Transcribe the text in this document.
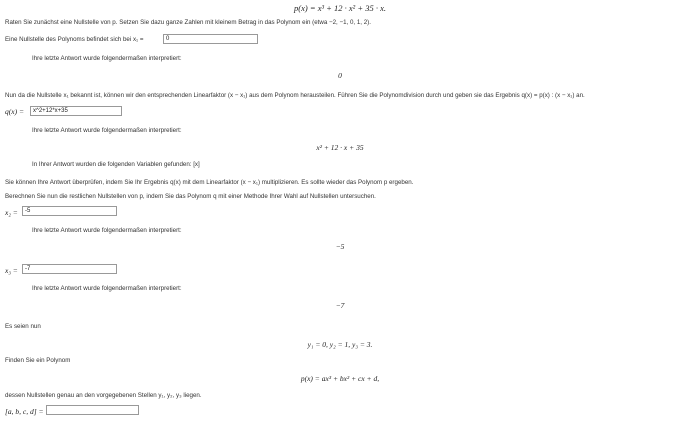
p(x) = x³ + 12 · x² + 35 · x.
Raten Sie zunächst eine Nullstelle von p. Setzen Sie dazu ganze Zahlen mit kleinem Betrag in das Polynom ein (etwa −2, −1, 0, 1, 2).
Eine Nullstelle des Polynoms befindet sich bei x₁ =	0
Ihre letzte Antwort wurde folgendermaßen interpretiert:
0
Nun da die Nullstelle x₁ bekannt ist, können wir den entsprechenden Linearfaktor (x − x₁) aus dem Polynom herausteilen. Führen Sie die Polynomdivision durch und geben sie das Ergebnis q(x) = p(x) : (x − x₁) an.
q(x) =	x^2+12*x+35
Ihre letzte Antwort wurde folgendermaßen interpretiert:
x² + 12 · x + 35
In Ihrer Antwort wurden die folgenden Variablen gefunden: [x]
Sie können Ihre Antwort überprüfen, indem Sie Ihr Ergebnis q(x) mit dem Linearfaktor (x − x₁) multiplizieren. Es sollte wieder das Polynom p ergeben.
Berechnen Sie nun die restlichen Nullstellen von p, indem Sie das Polynom q mit einer Methode Ihrer Wahl auf Nullstellen untersuchen.
x₂ =	-5
Ihre letzte Antwort wurde folgendermaßen interpretiert:
−5
x₃ =	-7
Ihre letzte Antwort wurde folgendermaßen interpretiert:
−7
Es seien nun
y₁ = 0, y₂ = 1, y₃ = 3.
Finden Sie ein Polynom
p(x) = ax³ + bx² + cx + d,
dessen Nullstellen genau an den vorgegebenen Stellen y₁, y₂, y₃ liegen.
[a, b, c, d] =
